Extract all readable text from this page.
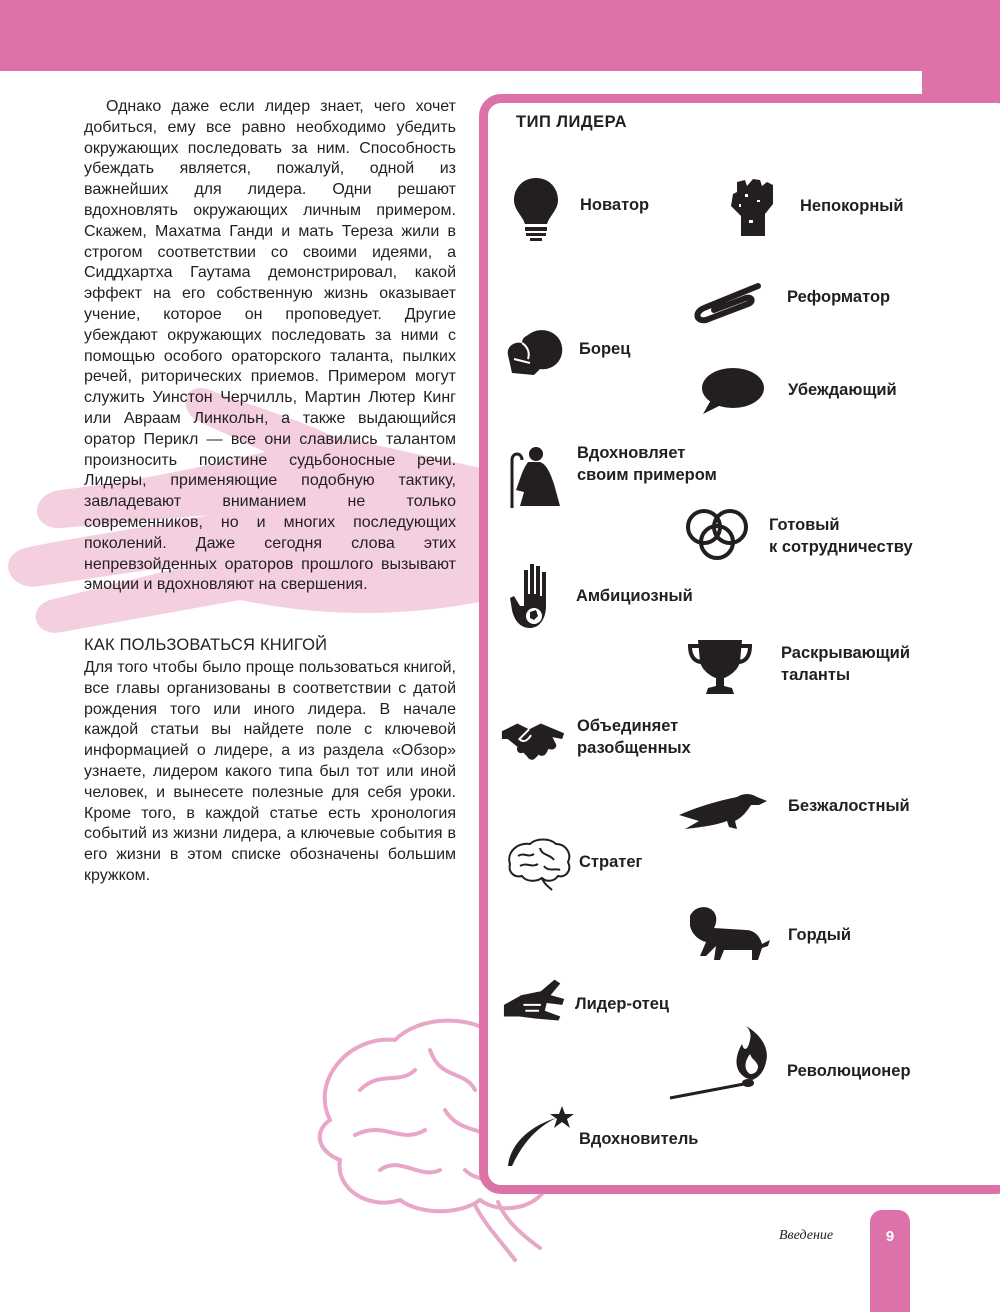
Однако даже если лидер знает, чего хочет добиться, ему все равно необходимо убедить окружающих последовать за ним. Способность убеждать является, пожалуй, одной из важнейших для лидера. Одни решают вдохновлять окружающих личным примером. Скажем, Махатма Ганди и мать Тереза жили в строгом соответствии со своими идеями, а Сиддхартха Гаутама демонстрировал, какой эффект на его собственную жизнь оказывает учение, которое он проповедует. Другие убеждают окружающих последовать за ними с помощью особого ораторского таланта, пылких речей, риторических приемов. Примером могут служить Уинстон Черчилль, Мартин Лютер Кинг или Авраам Линкольн, а также выдающийся оратор Перикл — все они славились талантом произносить поистине судьбоносные речи. Лидеры, применяющие подобную тактику, завладевают вниманием не только современников, но и многих последующих поколений. Даже сегодня слова этих непревзойденных ораторов прошлого вызывают эмоции и вдохновляют на свершения.

КАК ПОЛЬЗОВАТЬСЯ КНИГОЙ

Для того чтобы было проще пользоваться книгой, все главы организованы в соответствии с датой рождения того или иного лидера. В начале каждой статьи вы найдете поле с ключевой информацией о лидере, а из раздела «Обзор» узнаете, лидером какого типа был тот или иной человек, и вынесете полезные для себя уроки. Кроме того, в каждой статье есть хронология событий из жизни лидера, а ключевые события в его жизни в этом списке обозначены большим кружком.

ТИП ЛИДЕРА
Новатор	Непокорный
Реформатор
Борец
Убеждающий
Вдохновляет
своим примером
Готовый
к сотрудничеству
Амбициозный
Раскрывающий
таланты
Объединяет
разобщенных
Безжалостный
Стратег
Гордый
Лидер-отец
Революционер
Вдохновитель
Введение	9
